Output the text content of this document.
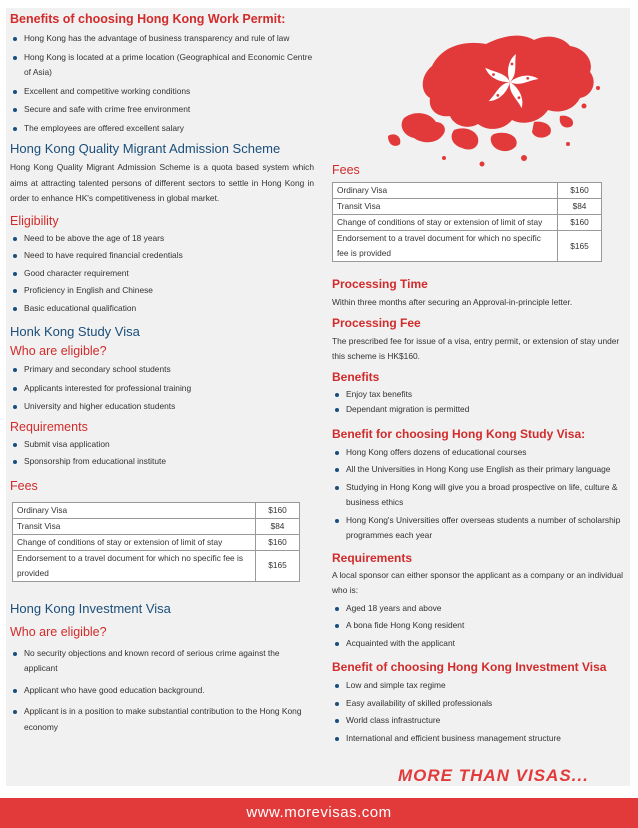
Benefits of choosing Hong Kong Work Permit:
Hong Kong has the advantage of business transparency and rule of law
Hong Kong is located at a prime location (Geographical and Economic Centre of Asia)
Excellent and competitive working conditions
Secure and safe with crime free environment
The employees are offered excellent salary
Hong Kong Quality Migrant Admission Scheme

Hong Kong Quality Migrant Admission Scheme is a quota based system which aims at attracting talented persons of different sectors to settle in Hong Kong in order to enhance HK's competitiveness in global market.

Eligibility
Need to be above the age of 18 years
Need to have required financial credentials
Good character requirement
Proficiency in English and Chinese
Basic educational qualification
Honk Kong Study Visa
Who are eligible?
Primary and secondary school students
Applicants interested for professional training
University and higher education students
Requirements
Submit visa application
Sponsorship from educational institute
Fees
Ordinary Visa	$160
Transit Visa	$84
Change of conditions of stay or extension of limit of stay	$160
Endorsement to a travel document for which no specific fee is provided	$165
Hong Kong Investment Visa
Who are eligible?
No security objections and known record of serious crime against the applicant
Applicant who have good education background.
Applicant is in a position to make substantial contribution to the Hong Kong economy
Fees
Ordinary Visa	$160
Transit Visa	$84
Change of conditions of stay or extension of limit of stay	$160
Endorsement to a travel document for which no specific fee is provided	$165
Processing Time

Within three months after securing an Approval-in-principle letter.

Processing Fee

The prescribed fee for issue of a visa, entry permit, or extension of stay under this scheme is HK$160.

Benefits
Enjoy tax benefits
Dependant migration is permitted
Benefit for choosing Hong Kong Study Visa:
Hong Kong offers dozens of educational courses
All the Universities in Hong Kong use English as their primary language
Studying in Hong Kong will give you a broad prospective on life, culture & business ethics
Hong Kong's Universities offer overseas students a number of scholarship programmes each year
Requirements

A local sponsor can either sponsor the applicant as a company or an individual who is:

Aged 18 years and above
A bona fide Hong Kong resident
Acquainted with the applicant
Benefit of choosing Hong Kong Investment Visa
Low and simple tax regime
Easy availability of skilled professionals
World class infrastructure
International and efficient business management structure
MORE THAN VISAS...
www.morevisas.com
